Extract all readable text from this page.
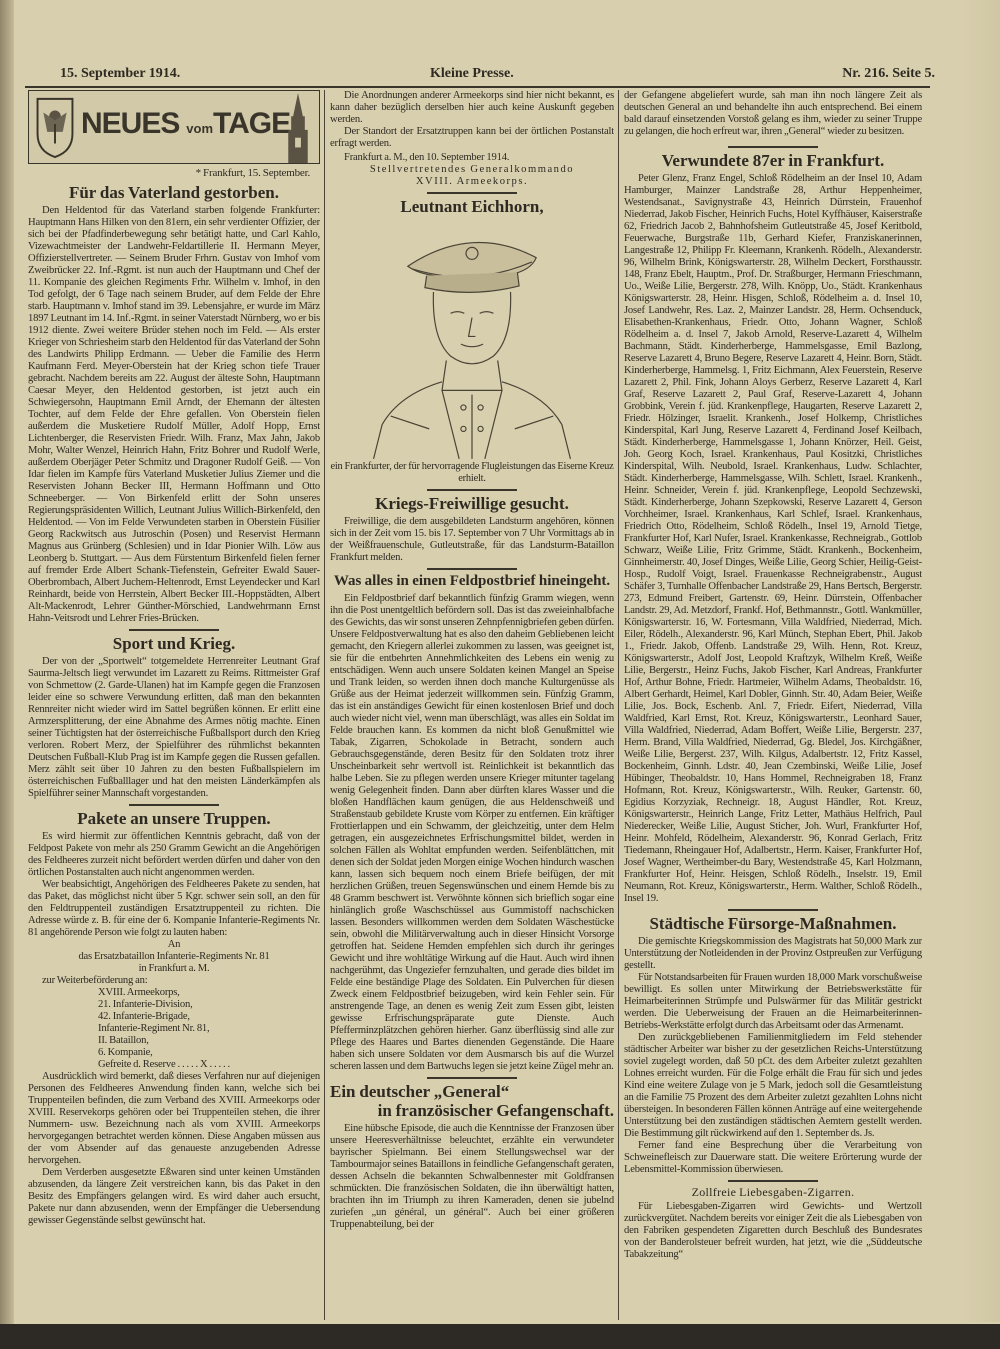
15. September 1914.	Kleine Presse.	Nr. 216. Seite 5.
NEUES vomTAGE
* Frankfurt, 15. September.
Für das Vaterland gestorben.

Den Heldentod für das Vaterland starben folgende Frankfurter: Hauptmann Hans Hilken von den 81ern, ein sehr verdienter Offizier, der sich bei der Pfadfinderbewegung sehr betätigt hatte, und Carl Kahlo, Vizewachtmeister der Landwehr-Feldartillerie II. Hermann Meyer, Offizierstellvertreter. — Seinem Bruder Frhrn. Gustav von Imhof vom Zweibrücker 22. Inf.-Rgmt. ist nun auch der Hauptmann und Chef der 11. Kompanie des gleichen Regiments Frhr. Wilhelm v. Imhof, in den Tod gefolgt, der 6 Tage nach seinem Bruder, auf dem Felde der Ehre starb. Hauptmann v. Imhof stand im 39. Lebensjahre, er wurde im März 1897 Leutnant im 14. Inf.-Rgmt. in seiner Vaterstadt Nürnberg, wo er bis 1912 diente. Zwei weitere Brüder stehen noch im Feld. — Als erster Krieger von Schriesheim starb den Heldentod für das Vaterland der Sohn des Landwirts Philipp Erdmann. — Ueber die Familie des Herrn Kaufmann Ferd. Meyer-Oberstein hat der Krieg schon tiefe Trauer gebracht. Nachdem bereits am 22. August der älteste Sohn, Hauptmann Caesar Meyer, den Heldentod gestorben, ist jetzt auch ein Schwiegersohn, Hauptmann Emil Arndt, der Ehemann der ältesten Tochter, auf dem Felde der Ehre gefallen. Von Oberstein fielen außerdem die Musketiere Rudolf Müller, Adolf Hopp, Ernst Lichtenberger, die Reservisten Friedr. Wilh. Franz, Max Jahn, Jakob Mohr, Walter Wenzel, Heinrich Hahn, Fritz Bohrer und Rudolf Werle, außerdem Oberjäger Peter Schmitz und Dragoner Rudolf Geiß. — Von Idar fielen im Kampfe fürs Vaterland Musketier Julius Ziemer und die Reservisten Johann Becker III, Hermann Hoffmann und Otto Schneeberger. — Von Birkenfeld erlitt der Sohn unseres Regierungspräsidenten Willich, Leutnant Julius Willich-Birkenfeld, den Heldentod. — Von im Felde Verwundeten starben in Oberstein Füsilier Georg Rackwitsch aus Jutroschin (Posen) und Reservist Hermann Magnus aus Grünberg (Schlesien) und in Idar Pionier Wilh. Löw aus Leonberg b. Stuttgart. — Aus dem Fürstentum Birkenfeld fielen ferner auf fremder Erde Albert Schank-Tiefenstein, Gefreiter Ewald Sauer-Oberbrombach, Albert Juchem-Heltenrodt, Ernst Leyendecker und Karl Reinhardt, beide von Herrstein, Albert Becker III.-Hoppstädten, Albert Alt-Mackenrodt, Lehrer Günther-Mörschied, Landwehrmann Ernst Hahn-Veitsrodt und Lehrer Fries-Brücken.

Sport und Krieg.

Der von der „Sportwelt“ totgemeldete Herrenreiter Leutnant Graf Saurma-Jeltsch liegt verwundet im Lazarett zu Reims. Rittmeister Graf von Schmettow (2. Garde-Ulanen) hat im Kampfe gegen die Franzosen leider eine so schwere Verwundung erlitten, daß man den bekannten Rennreiter nicht wieder wird im Sattel begrüßen können. Er erlitt eine Armzersplitterung, der eine Abnahme des Armes nötig machte. Einen seiner Tüchtigsten hat der österreichische Fußballsport durch den Krieg verloren. Robert Merz, der Spielführer des rühmlichst bekannten Deutschen Fußball-Klub Prag ist im Kampfe gegen die Russen gefallen. Merz zählt seit über 10 Jahren zu den besten Fußballspielern im österreichischen Fußballlager und hat den meisten Länderkämpfen als Spielführer seiner Mannschaft vorgestanden.

Pakete an unsere Truppen.

Es wird hiermit zur öffentlichen Kenntnis gebracht, daß von der Feldpost Pakete von mehr als 250 Gramm Gewicht an die Angehörigen des Feldheeres zurzeit nicht befördert werden dürfen und daher von den örtlichen Postanstalten auch nicht angenommen werden.

Wer beabsichtigt, Angehörigen des Feldheeres Pakete zu senden, hat das Paket, das möglichst nicht über 5 Kgr. schwer sein soll, an den für den Feldtruppenteil zuständigen Ersatztruppenteil zu richten. Die Adresse würde z. B. für eine der 6. Kompanie Infanterie-Regiments Nr. 81 angehörende Person wie folgt zu lauten haben:

An

das Ersatzbataillon Infanterie-Regiments Nr. 81

in Frankfurt a. M.

zur Weiterbeförderung an:

XVIII. Armeekorps,

21. Infanterie-Division,

42. Infanterie-Brigade,

Infanterie-Regiment Nr. 81,

II. Bataillon,

6. Kompanie,

Gefreite d. Reserve . . . . . X . . . . .

Ausdrücklich wird bemerkt, daß dieses Verfahren nur auf diejenigen Personen des Feldheeres Anwendung finden kann, welche sich bei Truppenteilen befinden, die zum Verband des XVIII. Armeekorps oder XVIII. Reservekorps gehören oder bei Truppenteilen stehen, die ihrer Nummern- usw. Bezeichnung nach als vom XVIII. Armeekorps hervorgegangen betrachtet werden können. Diese Angaben müssen aus der vom Absender auf das genaueste anzugebenden Adresse hervorgehen.

Dem Verderben ausgesetzte Eßwaren sind unter keinen Umständen abzusenden, da längere Zeit verstreichen kann, bis das Paket in den Besitz des Empfängers gelangen wird. Es wird daher auch ersucht, Pakete nur dann abzusenden, wenn der Empfänger die Uebersendung gewisser Gegenstände selbst gewünscht hat.

Die Anordnungen anderer Armeekorps sind hier nicht bekannt, es kann daher bezüglich derselben hier auch keine Auskunft gegeben werden.

Der Standort der Ersatztruppen kann bei der örtlichen Postanstalt erfragt werden.

Frankfurt a. M., den 10. September 1914.

Stellvertretendes Generalkommando

XVIII. Armeekorps.

Leutnant Eichhorn,

ein Frankfurter, der für hervorragende Flugleistungen das Eiserne Kreuz erhielt.

Kriegs-Freiwillige gesucht.

Freiwillige, die dem ausgebildeten Landsturm angehören, können sich in der Zeit vom 15. bis 17. September von 7 Uhr Vormittags ab in der Weißfrauenschule, Gutleutstraße, für das Landsturm-Bataillon Frankfurt melden.

Was alles in einen Feldpostbrief hineingeht.

Ein Feldpostbrief darf bekanntlich fünfzig Gramm wiegen, wenn ihn die Post unentgeltlich befördern soll. Das ist das zweieinhalbfache des Gewichts, das wir sonst unseren Zehnpfennigbriefen geben dürfen. Unsere Feldpostverwaltung hat es also den daheim Gebliebenen leicht gemacht, den Kriegern allerlei zukommen zu lassen, was geeignet ist, sie für die entbehrten Annehmlichkeiten des Lebens ein wenig zu entschädigen. Wenn auch unsere Soldaten keinen Mangel an Speise und Trank leiden, so werden ihnen doch manche Kulturgenüsse als Grüße aus der Heimat jederzeit willkommen sein. Fünfzig Gramm, das ist ein anständiges Gewicht für einen kostenlosen Brief und doch auch wieder nicht viel, wenn man überschlägt, was alles ein Soldat im Felde brauchen kann. Es kommen da nicht bloß Genußmittel wie Tabak, Zigarren, Schokolade in Betracht, sondern auch Gebrauchsgegenstände, deren Besitz für den Soldaten trotz ihrer Unscheinbarkeit sehr wertvoll ist. Reinlichkeit ist bekanntlich das halbe Leben. Sie zu pflegen werden unsere Krieger mitunter tagelang wenig Gelegenheit finden. Dann aber dürften klares Wasser und die bloßen Handflächen kaum genügen, die aus Heldenschweiß und Straßenstaub gebildete Kruste vom Körper zu entfernen. Ein kräftiger Frottierlappen und ein Schwamm, der gleichzeitig, unter dem Helm getragen, ein ausgezeichnetes Erfrischungsmittel bildet, werden in solchen Fällen als Wohltat empfunden werden. Seifenblättchen, mit denen sich der Soldat jeden Morgen einige Wochen hindurch waschen kann, lassen sich bequem noch einem Briefe beifügen, der mit herzlichen Grüßen, treuen Segenswünschen und einem Hemde bis zu 48 Gramm beschwert ist. Verwöhnte können sich brieflich sogar eine hinlänglich große Waschschüssel aus Gummistoff nachschicken lassen. Besonders willkommen werden dem Soldaten Wäschestücke sein, obwohl die Militärverwaltung auch in dieser Hinsicht Vorsorge getroffen hat. Seidene Hemden empfehlen sich durch ihr geringes Gewicht und ihre wohltätige Wirkung auf die Haut. Auch wird ihnen nachgerühmt, das Ungeziefer fernzuhalten, und gerade dies bildet im Felde eine beständige Plage des Soldaten. Ein Pulverchen für diesen Zweck einem Feldpostbrief beizugeben, wird kein Fehler sein. Für anstrengende Tage, an denen es wenig Zeit zum Essen gibt, leisten gewisse Erfrischungspräparate gute Dienste. Auch Pfefferminzplätzchen gehören hierher. Ganz überflüssig sind alle zur Pflege des Haares und Bartes dienenden Gegenstände. Die Haare haben sich unsere Soldaten vor dem Ausmarsch bis auf die Wurzel scheren lassen und dem Bartwuchs legen sie jetzt keine Zügel mehr an.

Ein deutscher „General“
in französischer Gefangenschaft.

Eine hübsche Episode, die auch die Kenntnisse der Franzosen über unsere Heeresverhältnisse beleuchtet, erzählte ein verwundeter bayrischer Spielmann. Bei einem Stellungswechsel war der Tambourmajor seines Bataillons in feindliche Gefangenschaft geraten, dessen Achseln die bekannten Schwalbennester mit Goldfransen schmückten. Die französischen Soldaten, die ihn überwältigt hatten, brachten ihn im Triumph zu ihren Kameraden, denen sie jubelnd zuriefen „un général, un général“. Auch bei einer größeren Truppenabteilung, bei der

der Gefangene abgeliefert wurde, sah man ihn noch längere Zeit als deutschen General an und behandelte ihn auch entsprechend. Bei einem bald darauf einsetzenden Vorstoß gelang es ihm, wieder zu seiner Truppe zu gelangen, die hoch erfreut war, ihren „General“ wieder zu besitzen.

Verwundete 87er in Frankfurt.

Peter Glenz, Franz Engel, Schloß Rödelheim an der Insel 10, Adam Hamburger, Mainzer Landstraße 28, Arthur Heppenheimer, Westendsanat., Savignystraße 43, Heinrich Dürrstein, Frauenhof Niederrad, Jakob Fischer, Heinrich Fuchs, Hotel Kyffhäuser, Kaiserstraße 62, Friedrich Jacob 2, Bahnhofsheim Gutleutstraße 45, Josef Keritbold, Feuerwache, Burgstraße 11b, Gerhard Kiefer, Franziskanerinnen, Langestraße 12, Philipp Fr. Kleemann, Krankenh. Rödelh., Alexanderstr. 96, Wilhelm Brink, Königswarterstr. 28, Wilhelm Deckert, Forsthausstr. 148, Franz Ebelt, Hauptm., Prof. Dr. Straßburger, Hermann Frieschmann, Uo., Weiße Lilie, Bergerstr. 278, Wilh. Knöpp, Uo., Städt. Krankenhaus Königswarterstr. 28, Heinr. Hisgen, Schloß, Rödelheim a. d. Insel 10, Josef Landwehr, Res. Laz. 2, Mainzer Landstr. 28, Herm. Ochsenduck, Elisabethen-Krankenhaus, Friedr. Otto, Johann Wagner, Schloß Rödelheim a. d. Insel 7, Jakob Arnold, Reserve-Lazarett 4, Wilhelm Bachmann, Städt. Kinderherberge, Hammelsgasse, Emil Bazlong, Reserve Lazarett 4, Bruno Begere, Reserve Lazarett 4, Heinr. Born, Städt. Kinderherberge, Hammelsg. 1, Fritz Eichmann, Alex Feuerstein, Reserve Lazarett 2, Phil. Fink, Johann Aloys Gerberz, Reserve Lazarett 4, Karl Graf, Reserve Lazarett 2, Paul Graf, Reserve-Lazarett 4, Johann Grobbink, Verein f. jüd. Krankenpflege, Haugarten, Reserve Lazarett 2, Friedr. Hölzinger, Israelit. Krankenh., Josef Holkemp, Christliches Kinderspital, Karl Jung, Reserve Lazarett 4, Ferdinand Josef Keilbach, Städt. Kinderherberge, Hammelsgasse 1, Johann Knörzer, Heil. Geist, Joh. Georg Koch, Israel. Krankenhaus, Paul Kositzki, Christliches Kinderspital, Wilh. Neubold, Israel. Krankenhaus, Ludw. Schlachter, Städt. Kinderherberge, Hammelsgasse, Wilh. Schlett, Israel. Krankenh., Heinr. Schneider, Verein f. jüd. Krankenpflege, Leopold Sechzewski, Städt. Kinderherberge, Johann Szepkowski, Reserve Lazarett 4, Gerson Vorchheimer, Israel. Krankenhaus, Karl Schlef, Israel. Krankenhaus, Friedrich Otto, Rödelheim, Schloß Rödelh., Insel 19, Arnold Tietge, Frankfurter Hof, Karl Nufer, Israel. Krankenkasse, Rechneigrab., Gottlob Schwarz, Weiße Lilie, Fritz Grimme, Städt. Krankenh., Bockenheim, Ginnheimerstr. 40, Josef Dinges, Weiße Lilie, Georg Schier, Heilig-Geist-Hosp., Rudolf Voigt, Israel. Frauenkasse Rechneigrabenstr., August Schäfer 3, Turnhalle Offenbacher Landstraße 29, Hans Bertsch, Bergerstr. 273, Edmund Freibert, Gartenstr. 69, Heinr. Dürrstein, Offenbacher Landstr. 29, Ad. Metzdorf, Frankf. Hof, Bethmannstr., Gottl. Wankmüller, Königswarterstr. 16, W. Fortesmann, Villa Waldfried, Niederrad, Mich. Eiler, Rödelh., Alexanderstr. 96, Karl Münch, Stephan Ebert, Phil. Jakob 1., Friedr. Jakob, Offenb. Landstraße 29, Wilh. Henn, Rot. Kreuz, Königswarterstr., Adolf Jost, Leopold Kraftzyk, Wilhelm Kreß, Weiße Lilie, Bergerstr., Heinz Fuchs, Jakob Fischer, Karl Andreas, Frankfurter Hof, Arthur Bohne, Friedr. Hartmeier, Wilhelm Adams, Theobaldstr. 16, Albert Gerhardt, Heimel, Karl Dobler, Ginnh. Str. 40, Adam Beier, Weiße Lilie, Jos. Bock, Eschenb. Anl. 7, Friedr. Eifert, Niederrad, Villa Waldfried, Karl Ernst, Rot. Kreuz, Königswarterstr., Leonhard Sauer, Villa Waldfried, Niederrad, Adam Boffert, Weiße Lilie, Bergerstr. 237, Herm. Brand, Villa Waldfried, Niederrad, Gg. Bledel, Jos. Kirchgäßner, Weiße Lilie, Bergerst. 237, Wilh. Kilgus, Adalbertstr. 12, Fritz Kassel, Bockenheim, Ginnh. Ldstr. 40, Jean Czembinski, Weiße Lilie, Josef Hübinger, Theobaldstr. 10, Hans Hommel, Rechneigraben 18, Franz Hofmann, Rot. Kreuz, Königswarterstr., Wilh. Reuker, Gartenstr. 60, Egidius Korzyziak, Rechneigr. 18, August Händler, Rot. Kreuz, Königswarterstr., Heinrich Lange, Fritz Letter, Mathäus Helfrich, Paul Niederecker, Weiße Lilie, August Sticher, Joh. Wurl, Frankfurter Hof, Heinr. Mohfeld, Rödelheim, Alexanderstr. 96, Konrad Gerlach, Fritz Tiedemann, Rheingauer Hof, Adalbertstr., Herm. Kaiser, Frankfurter Hof, Josef Wagner, Wertheimber-du Bary, Westendstraße 45, Karl Holzmann, Frankfurter Hof, Heinr. Heisgen, Schloß Rödelh., Inselstr. 19, Emil Neumann, Rot. Kreuz, Königswarterstr., Herm. Walther, Schloß Rödelh., Insel 19.

Städtische Fürsorge-Maßnahmen.

Die gemischte Kriegskommission des Magistrats hat 50,000 Mark zur Unterstützung der Notleidenden in der Provinz Ostpreußen zur Verfügung gestellt.

Für Notstandsarbeiten für Frauen wurden 18,000 Mark vorschußweise bewilligt. Es sollen unter Mitwirkung der Betriebswerkstätte für Heimarbeiterinnen Strümpfe und Pulswärmer für das Militär gestrickt werden. Die Ueberweisung der Frauen an die Heimarbeiterinnen-Betriebs-Werkstätte erfolgt durch das Arbeitsamt oder das Armenamt.

Den zurückgebliebenen Familienmitgliedern im Feld stehender städtischer Arbeiter war bisher zu der gesetzlichen Reichs-Unterstützung soviel zugelegt worden, daß 50 pCt. des dem Arbeiter zuletzt gezahlten Lohnes erreicht wurden. Für die Folge erhält die Frau für sich und jedes Kind eine weitere Zulage von je 5 Mark, jedoch soll die Gesamtleistung an die Familie 75 Prozent des dem Arbeiter zuletzt gezahlten Lohns nicht übersteigen. In besonderen Fällen können Anträge auf eine weitergehende Unterstützung bei den zuständigen städtischen Aemtern gestellt werden. Die Bestimmung gilt rückwirkend auf den 1. September ds. Js.

Ferner fand eine Besprechung über die Verarbeitung von Schweinefleisch zur Dauerware statt. Die weitere Erörterung wurde der Lebensmittel-Kommission überwiesen.

Zollfreie Liebesgaben-Zigarren.

Für Liebesgaben-Zigarren wird Gewichts- und Wertzoll zurückvergütet. Nachdem bereits vor einiger Zeit die als Liebesgaben von den Fabriken gespendeten Zigaretten durch Beschluß des Bundesrates von der Banderolsteuer befreit wurden, hat jetzt, wie die „Süddeutsche Tabakzeitung“
